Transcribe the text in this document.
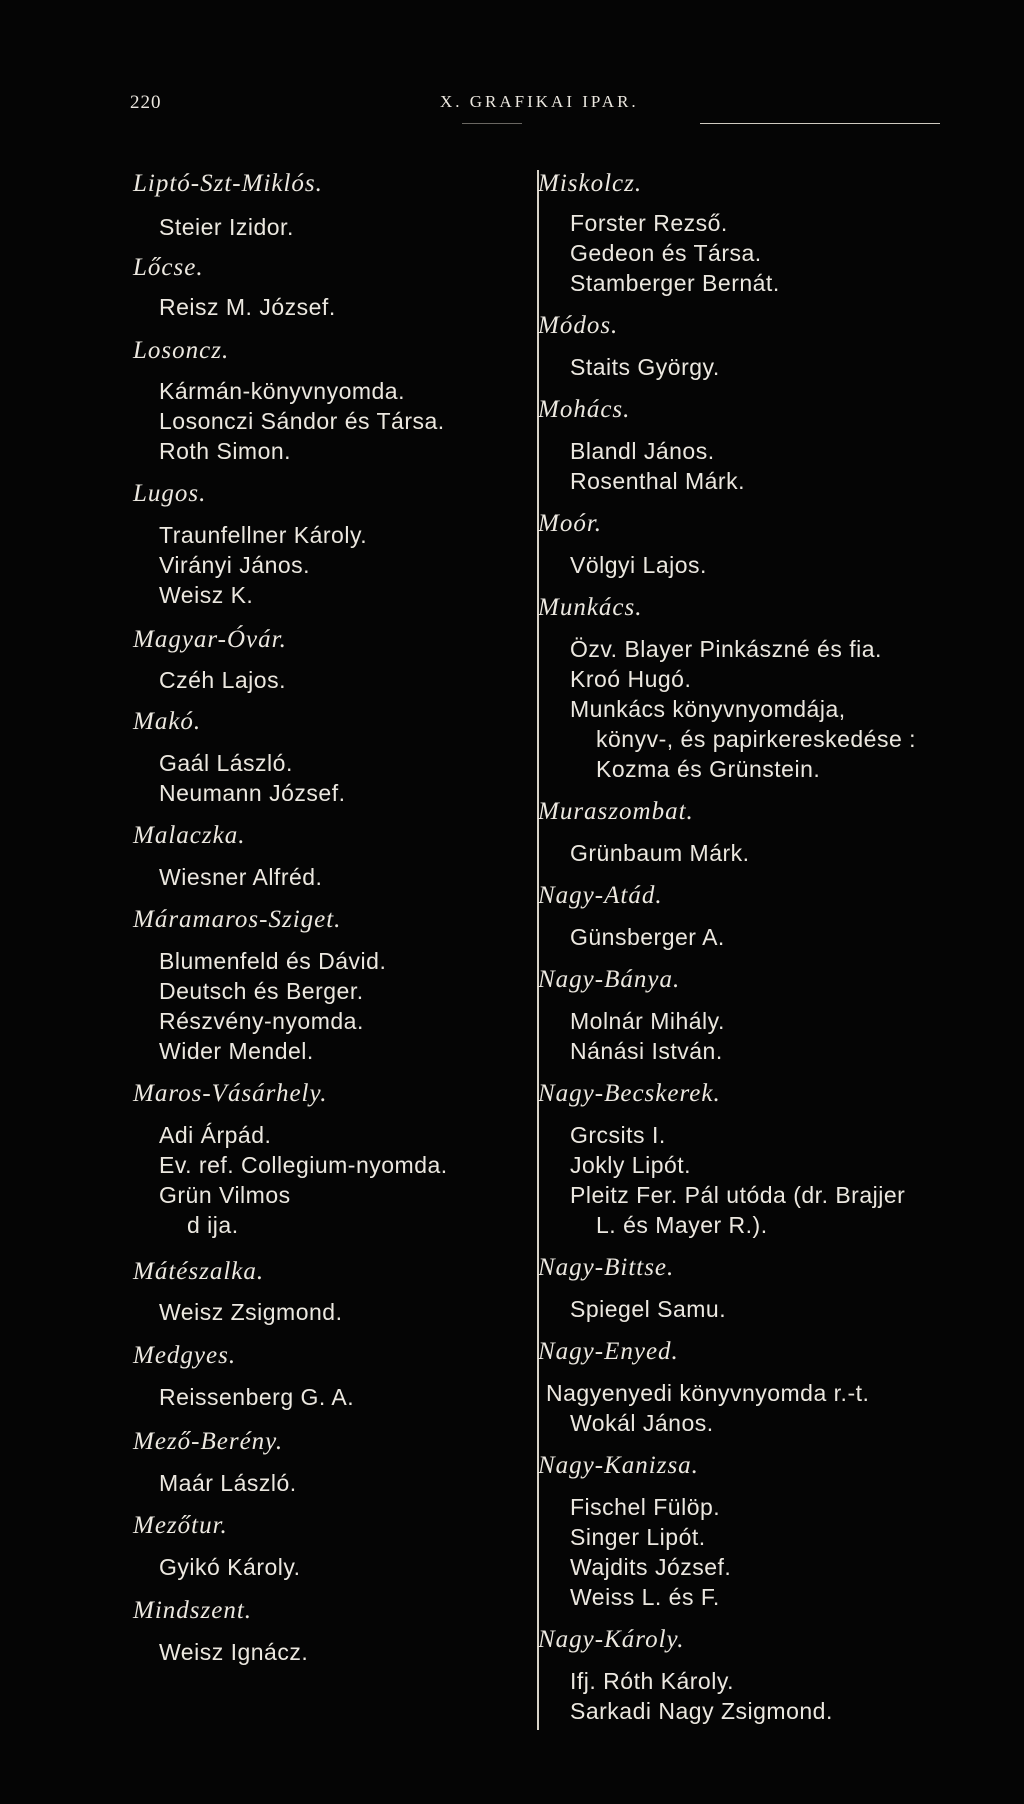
220	X. GRAFIKAI IPAR.
Liptó-Szt-Miklós.
Steier Izidor.
Lőcse.
Reisz M. József.
Losoncz.
Kármán-könyvnyomda.
Losonczi Sándor és Társa.
Roth Simon.
Lugos.
Traunfellner Károly.
Virányi János.
Weisz K.
Magyar-Óvár.
Czéh Lajos.
Makó.
Gaál László.
Neumann József.
Malaczka.
Wiesner Alfréd.
Máramaros-Sziget.
Blumenfeld és Dávid.
Deutsch és Berger.
Részvény-nyomda.
Wider Mendel.
Maros-Vásárhely.
Adi Árpád.
Ev. ref. Collegium-nyomda.
Grün Vilmos
d ija.
Mátészalka.
Weisz Zsigmond.
Medgyes.
Reissenberg G. A.
Mező-Berény.
Maár László.
Mezőtur.
Gyikó Károly.
Mindszent.
Weisz Ignácz.
Miskolcz.
Forster Rezső.
Gedeon és Társa.
Stamberger Bernát.
Módos.
Staits György.
Mohács.
Blandl János.
Rosenthal Márk.
Moór.
Völgyi Lajos.
Munkács.
Özv. Blayer Pinkászné és fia.
Kroó Hugó.
Munkács könyvnyomdája,
könyv-, és papirkereskedése :
Kozma és Grünstein.
Muraszombat.
Grünbaum Márk.
Nagy-Atád.
Günsberger A.
Nagy-Bánya.
Molnár Mihály.
Nánási István.
Nagy-Becskerek.
Grcsits I.
Jokly Lipót.
Pleitz Fer. Pál utóda (dr. Brajjer
L. és Mayer R.).
Nagy-Bittse.
Spiegel Samu.
Nagy-Enyed.
Nagyenyedi könyvnyomda r.-t.
Wokál János.
Nagy-Kanizsa.
Fischel Fülöp.
Singer Lipót.
Wajdits József.
Weiss L. és F.
Nagy-Károly.
Ifj. Róth Károly.
Sarkadi Nagy Zsigmond.
